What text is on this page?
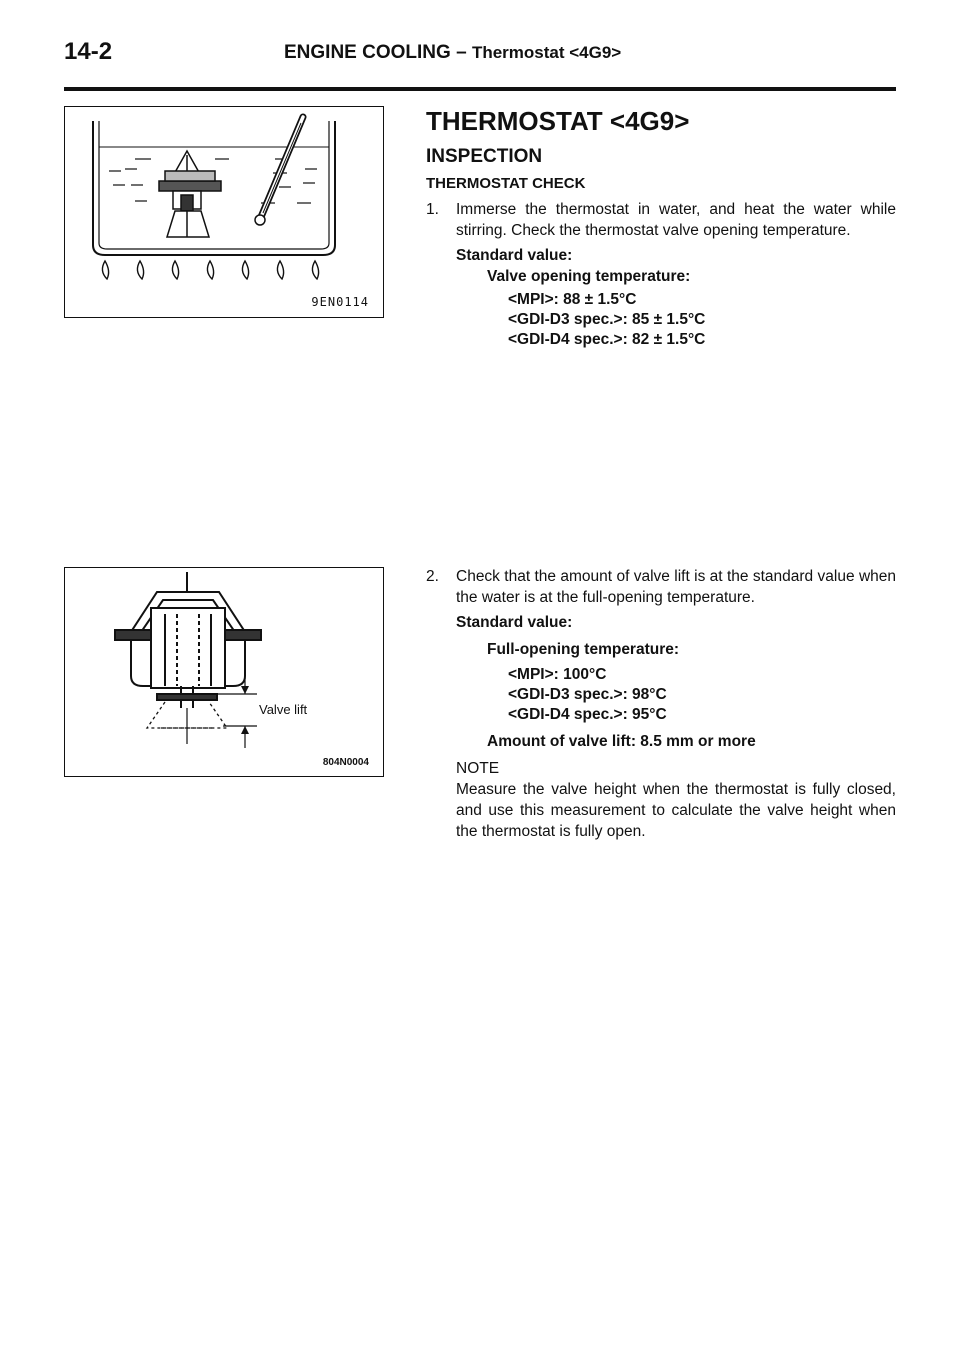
14-2	ENGINE COOLING – Thermostat <4G9>
9EN0114
Valve lift
804N0004
THERMOSTAT <4G9>
INSPECTION
THERMOSTAT CHECK
1.	Immerse the thermostat in water, and heat the water while stirring. Check the thermostat valve opening temperature.
Standard value:
Valve opening temperature:
<MPI>: 88 ± 1.5°C
<GDI-D3 spec.>: 85 ± 1.5°C
<GDI-D4 spec.>: 82 ± 1.5°C
2.	Check that the amount of valve lift is at the standard value when the water is at the full-opening temperature.
Standard value:
Full-opening temperature:
<MPI>: 100°C
<GDI-D3 spec.>: 98°C
<GDI-D4 spec.>: 95°C
Amount of valve lift: 8.5 mm or more
NOTE
Measure the valve height when the thermostat is fully closed, and use this measurement to calculate the valve height when the thermostat is fully open.
